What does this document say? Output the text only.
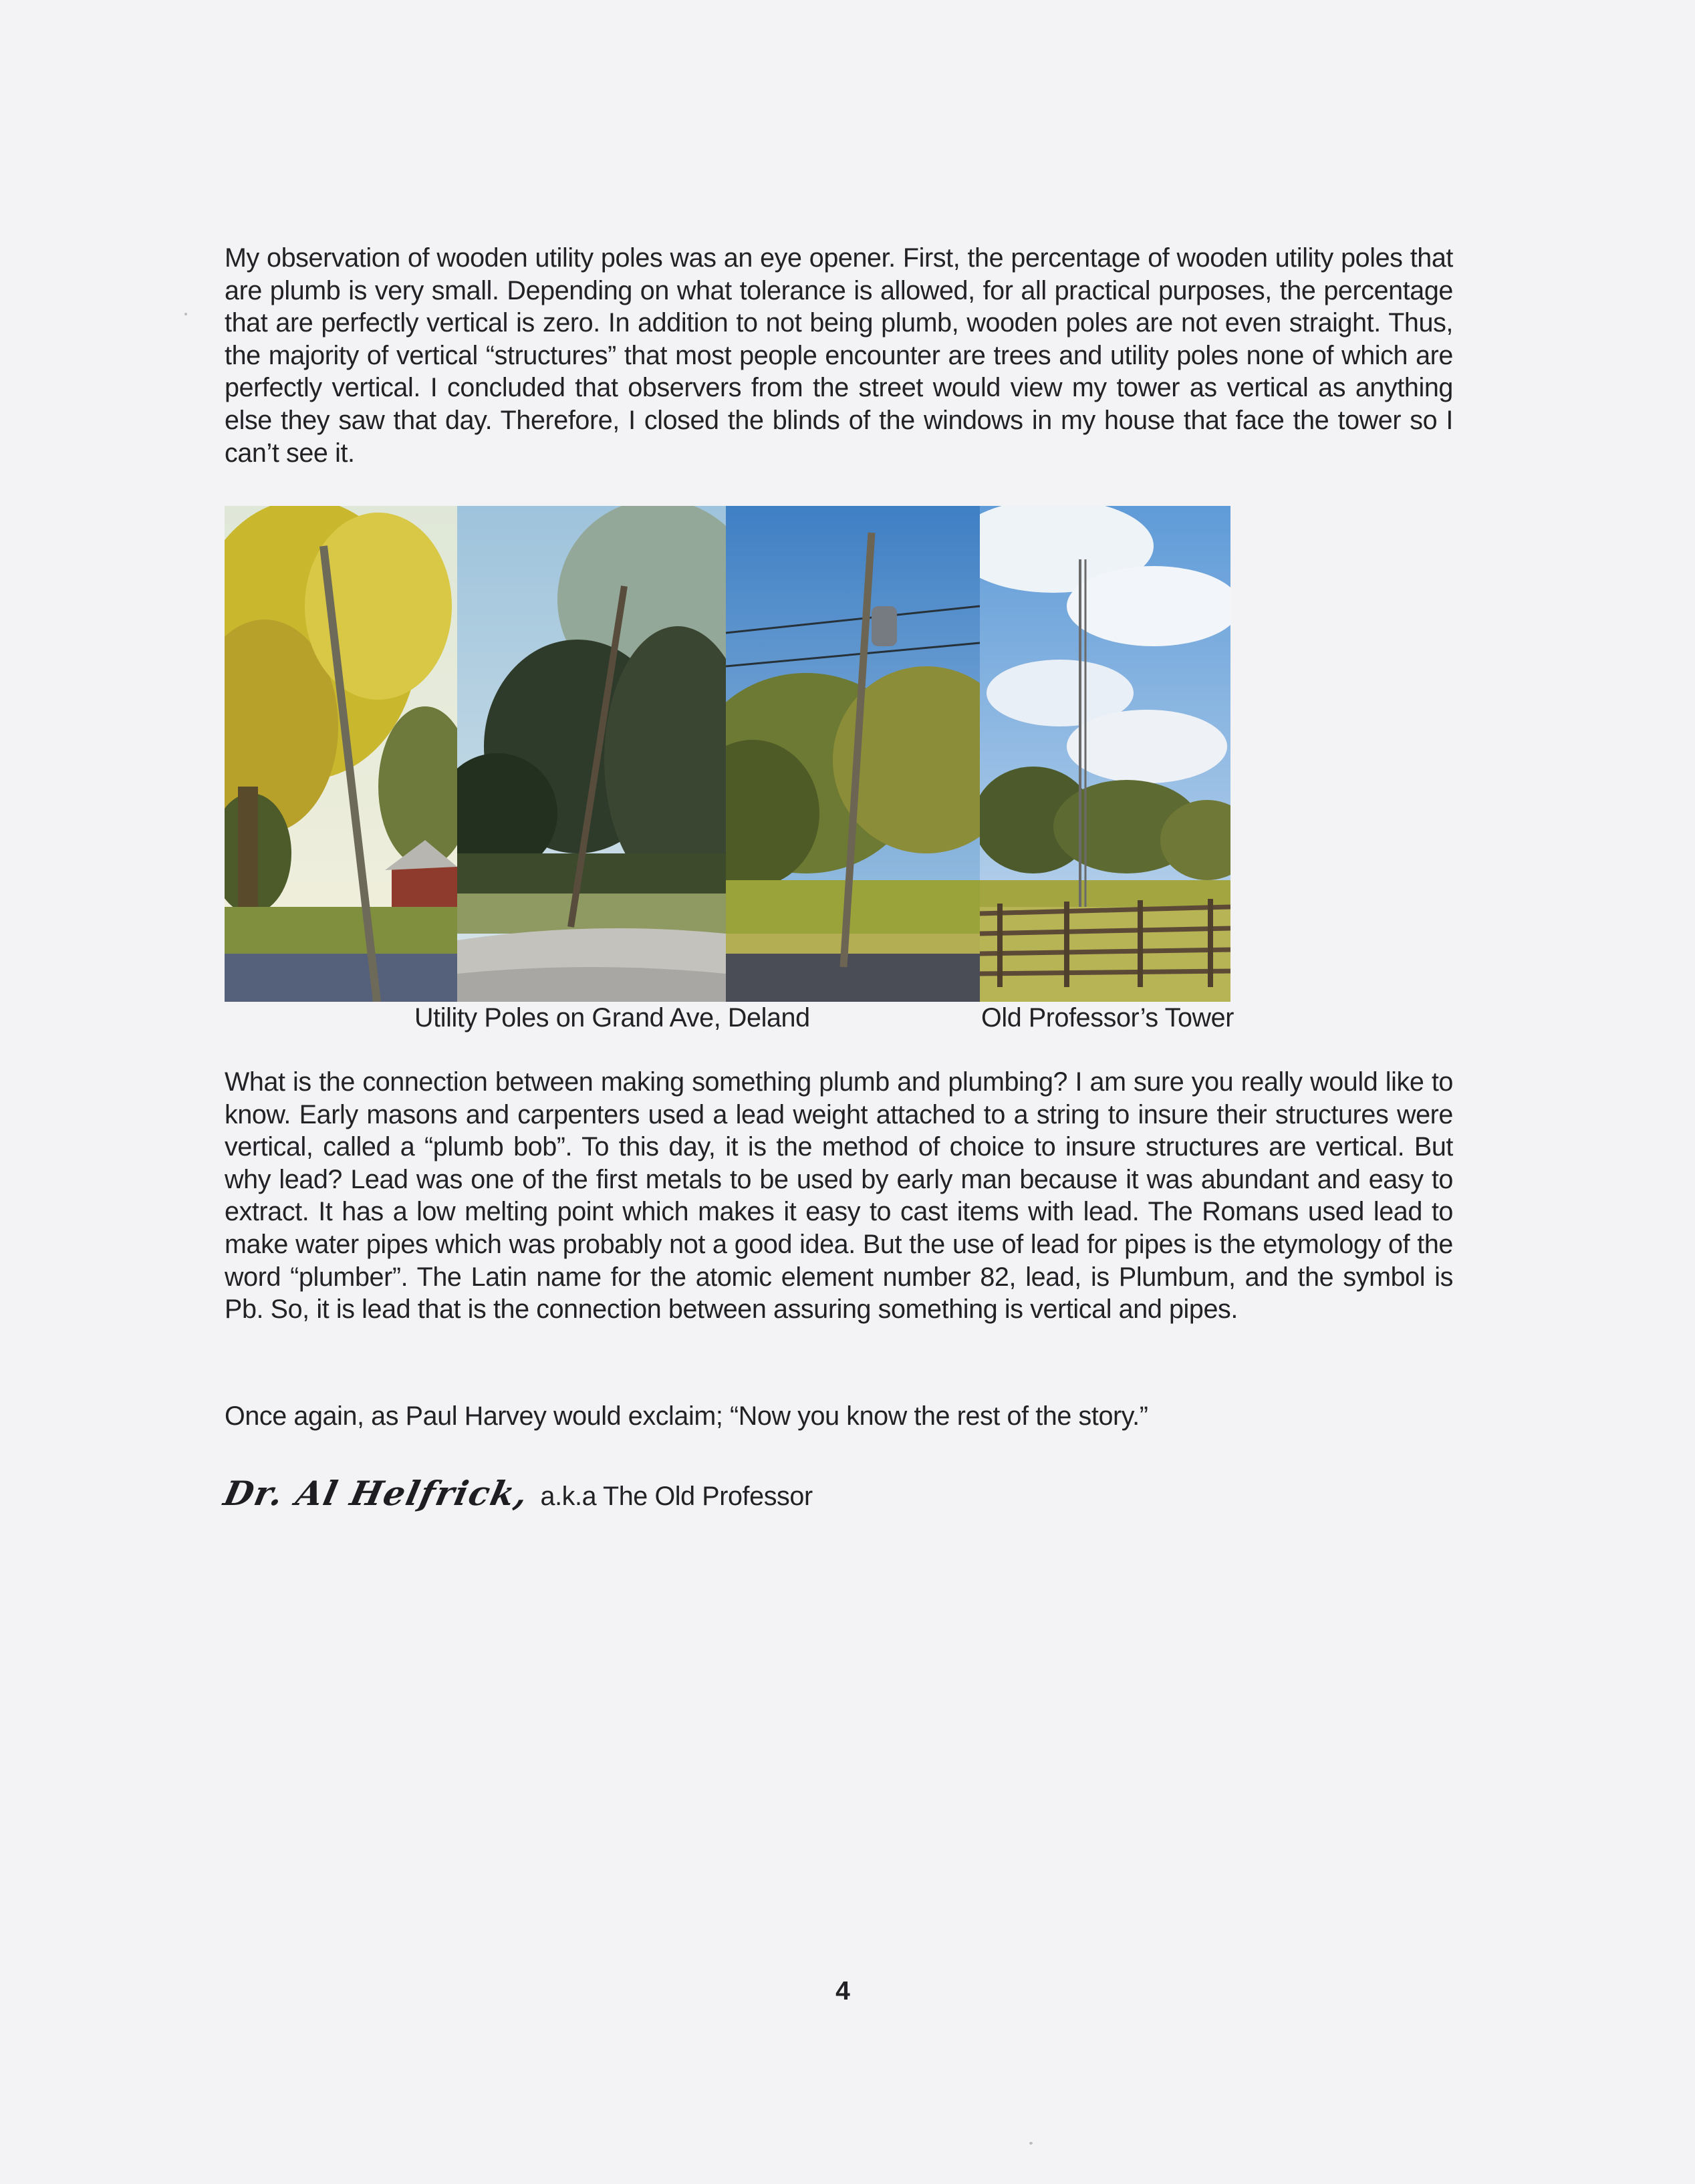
My observation of wooden utility poles was an eye opener. First, the percentage of wooden utility poles that are plumb is very small. Depending on what tolerance is allowed, for all practical purposes, the percentage that are perfectly vertical is zero. In addition to not being plumb, wooden poles are not even straight. Thus, the majority of vertical “structures” that most people encounter are trees and utility poles none of which are perfectly vertical. I concluded that observers from the street would view my tower as vertical as anything else they saw that day. Therefore, I closed the blinds of the windows in my house that face the tower so I can’t see it.

Utility Poles on Grand Ave, Deland	Old Professor’s Tower

What is the connection between making something plumb and plumbing? I am sure you really would like to know. Early masons and carpenters used a lead weight attached to a string to insure their structures were vertical, called a “plumb bob”. To this day, it is the method of choice to insure structures are vertical. But why lead? Lead was one of the first metals to be used by early man because it was abundant and easy to extract. It has a low melting point which makes it easy to cast items with lead. The Romans used lead to make water pipes which was probably not a good idea. But the use of lead for pipes is the etymology of the word “plumber”. The Latin name for the atomic element number 82, lead, is Plumbum, and the symbol is Pb. So, it is lead that is the connection between assuring something is vertical and pipes.

Once again, as Paul Harvey would exclaim; “Now you know the rest of the story.”

Dr. Al Helfrick, a.k.a The Old Professor
4
